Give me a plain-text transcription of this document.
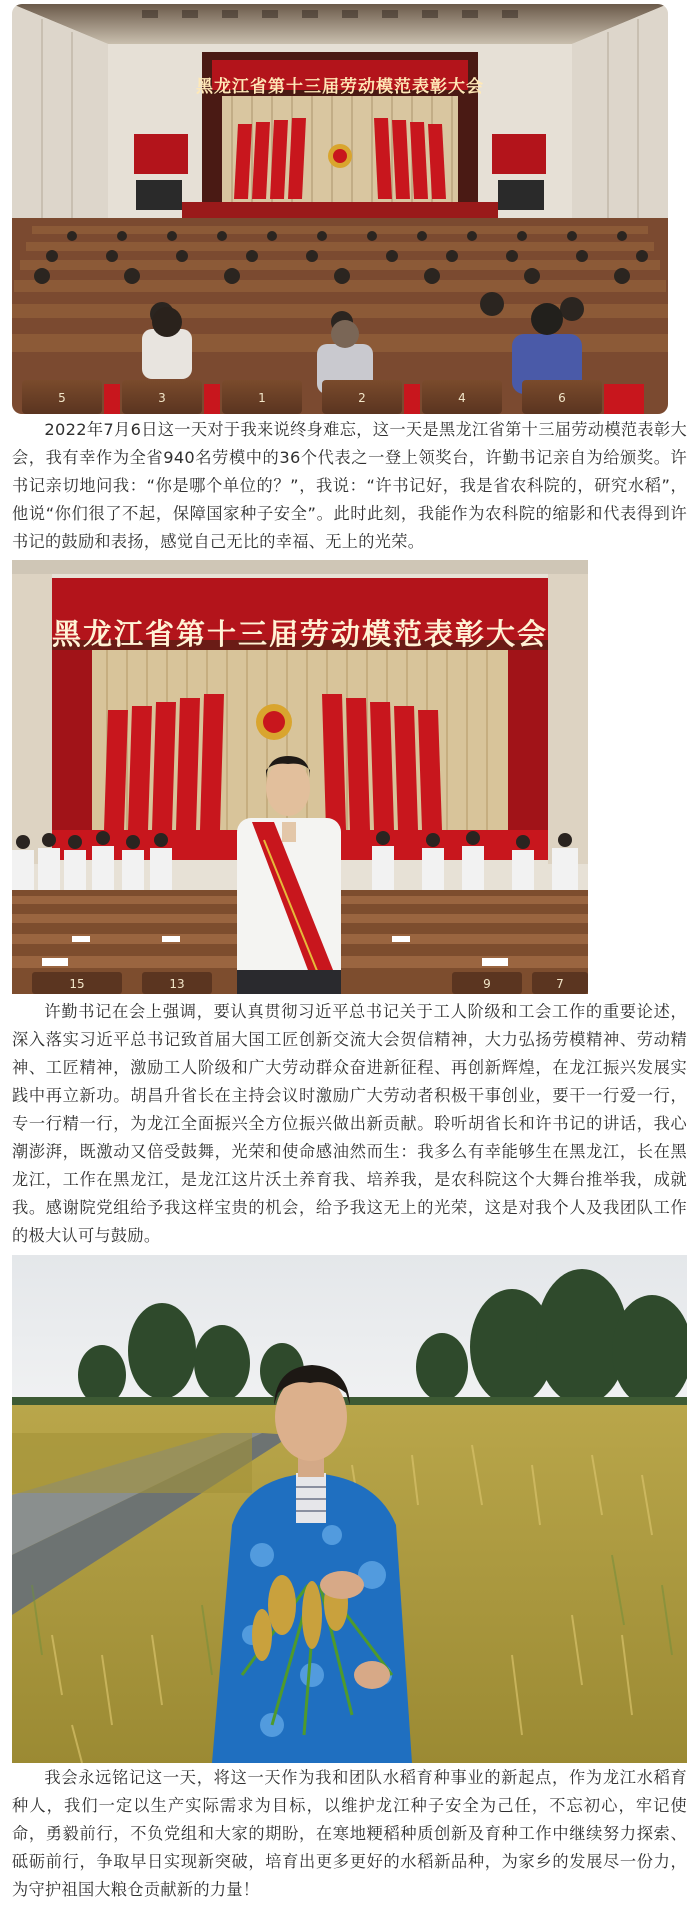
5	3	1	2	4	6
黑龙江省第十三届劳动模范表彰大会

2022年7月6日这一天对于我来说终身难忘，这一天是黑龙江省第十三届劳动模范表彰大会，我有幸作为全省940名劳模中的36个代表之一登上领奖台，许勤书记亲自为给颁奖。许书记亲切地问我：“你是哪个单位的？”，我说：“许书记好，我是省农科院的，研究水稻”，他说“你们很了不起，保障国家种子安全”。此时此刻，我能作为农科院的缩影和代表得到许书记的鼓励和表扬，感觉自己无比的幸福、无上的光荣。

15	13	9	7
黑龙江省第十三届劳动模范表彰大会

许勤书记在会上强调，要认真贯彻习近平总书记关于工人阶级和工会工作的重要论述，深入落实习近平总书记致首届大国工匠创新交流大会贺信精神，大力弘扬劳模精神、劳动精神、工匠精神，激励工人阶级和广大劳动群众奋进新征程、再创新辉煌，在龙江振兴发展实践中再立新功。胡昌升省长在主持会议时激励广大劳动者积极干事创业，要干一行爱一行，专一行精一行，为龙江全面振兴全方位振兴做出新贡献。聆听胡省长和许书记的讲话，我心潮澎湃，既激动又倍受鼓舞，光荣和使命感油然而生：我多么有幸能够生在黑龙江，长在黑龙江，工作在黑龙江，是龙江这片沃土养育我、培养我，是农科院这个大舞台推举我，成就我。感谢院党组给予我这样宝贵的机会，给予我这无上的光荣，这是对我个人及我团队工作的极大认可与鼓励。

我会永远铭记这一天，将这一天作为我和团队水稻育种事业的新起点，作为龙江水稻育种人，我们一定以生产实际需求为目标，以维护龙江种子安全为己任，不忘初心，牢记使命，勇毅前行，不负党组和大家的期盼，在寒地粳稻种质创新及育种工作中继续努力探索、砥砺前行，争取早日实现新突破，培育出更多更好的水稻新品种，为家乡的发展尽一份力，为守护祖国大粮仓贡献新的力量！
